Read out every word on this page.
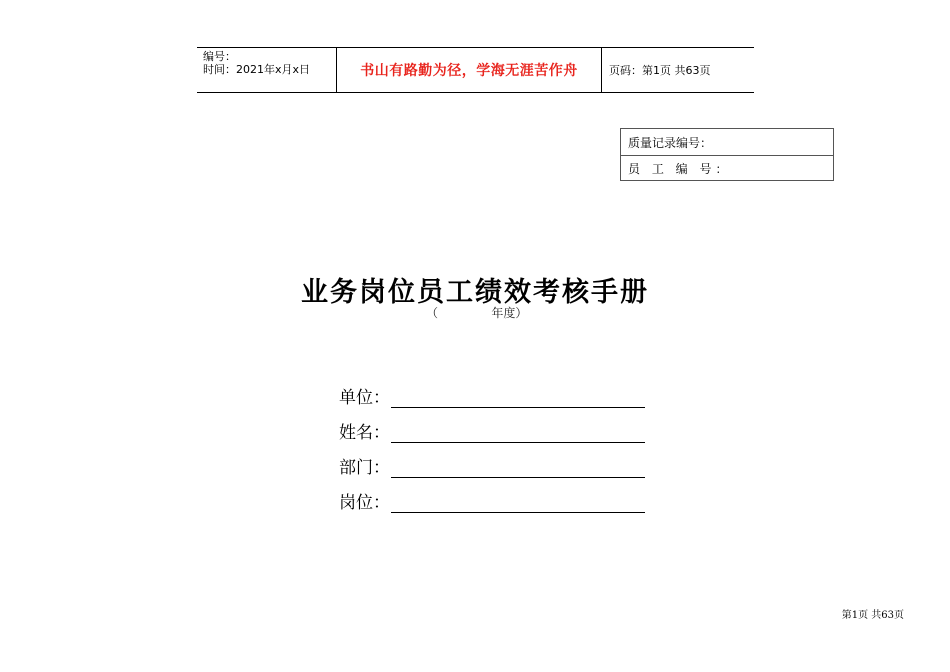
编号：
时间：2021年x月x日	书山有路勤为径，学海无涯苦作舟	页码：第1页 共63页
质量记录编号：
员 工 编 号：
业务岗位员工绩效考核手册
（              年度）
单位：
姓名：
部门：
岗位：
第1页 共63页
